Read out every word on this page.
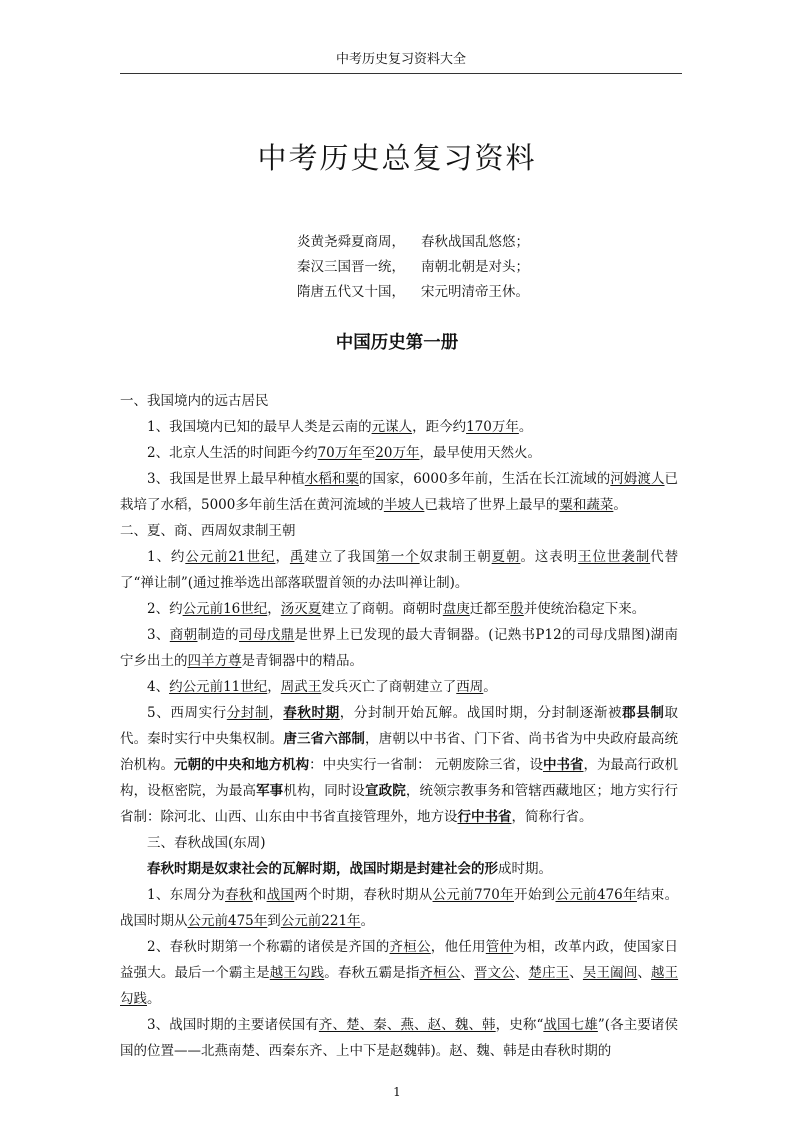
中考历史复习资料大全
中考历史总复习资料
炎黄尧舜夏商周， 春秋战国乱悠悠；
秦汉三国晋一统， 南朝北朝是对头；
隋唐五代又十国， 宋元明清帝王休。
中国历史第一册

一、我国境内的远古居民

1、我国境内已知的最早人类是云南的元谋人，距今约170万年。

2、北京人生活的时间距今约70万年至20万年，最早使用天然火。

3、我国是世界上最早种植水稻和粟的国家，6000多年前，生活在长江流域的河姆渡人已栽培了水稻，5000多年前生活在黄河流域的半坡人已栽培了世界上最早的粟和蔬菜。

二、夏、商、西周奴隶制王朝

1、约公元前21世纪，禹建立了我国第一个奴隶制王朝夏朝。这表明王位世袭制代替了“禅让制”(通过推举选出部落联盟首领的办法叫禅让制)。

2、约公元前16世纪，汤灭夏建立了商朝。商朝时盘庚迁都至殷并使统治稳定下来。

3、商朝制造的司母戊鼎是世界上已发现的最大青铜器。(记熟书P12的司母戊鼎图)湖南宁乡出土的四羊方尊是青铜器中的精品。

4、约公元前11世纪，周武王发兵灭亡了商朝建立了西周。

5、西周实行分封制，春秋时期，分封制开始瓦解。战国时期，分封制逐渐被郡县制取代。秦时实行中央集权制。唐三省六部制，唐朝以中书省、门下省、尚书省为中央政府最高统治机构。元朝的中央和地方机构：中央实行一省制： 元朝废除三省，设中书省，为最高行政机构，设枢密院，为最高军事机构，同时设宣政院，统领宗教事务和管辖西藏地区；地方实行行省制：除河北、山西、山东由中书省直接管理外，地方设行中书省，简称行省。

三、春秋战国(东周)

春秋时期是奴隶社会的瓦解时期，战国时期是封建社会的形成时期。

1、东周分为春秋和战国两个时期，春秋时期从公元前770年开始到公元前476年结束。战国时期从公元前475年到公元前221年。

2、春秋时期第一个称霸的诸侯是齐国的齐桓公，他任用管仲为相，改革内政，使国家日益强大。最后一个霸主是越王勾践。春秋五霸是指齐桓公、晋文公、楚庄王、吴王阖闾、越王勾践。

3、战国时期的主要诸侯国有齐、楚、秦、燕、赵、魏、韩，史称“战国七雄”(各主要诸侯国的位置——北燕南楚、西秦东齐、上中下是赵魏韩)。赵、魏、韩是由春秋时期的

1
